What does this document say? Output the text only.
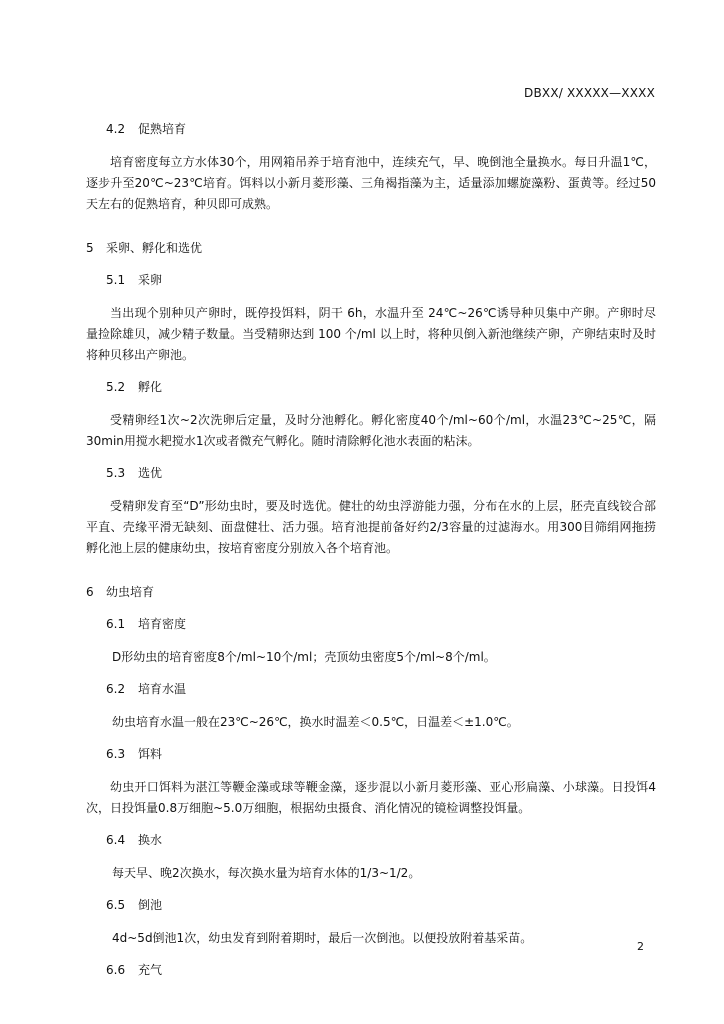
DBXX/ XXXXX—XXXX
4.2 促熟培育

培育密度每立方水体30个，用网箱吊养于培育池中，连续充气，早、晚倒池全量换水。每日升温1℃，逐步升至20℃~23℃培育。饵料以小新月菱形藻、三角褐指藻为主，适量添加螺旋藻粉、蛋黄等。经过50天左右的促熟培育，种贝即可成熟。

5 采卵、孵化和选优
5.1 采卵

当出现个别种贝产卵时，既停投饵料，阴干 6h，水温升至 24℃~26℃诱导种贝集中产卵。产卵时尽量捡除雄贝，减少精子数量。当受精卵达到 100 个/ml 以上时，将种贝倒入新池继续产卵，产卵结束时及时将种贝移出产卵池。

5.2 孵化

受精卵经1次~2次洗卵后定量，及时分池孵化。孵化密度40个/ml~60个/ml，水温23℃~25℃，隔30min用搅水耙搅水1次或者微充气孵化。随时清除孵化池水表面的粘沫。

5.3 选优

受精卵发育至“D”形幼虫时，要及时选优。健壮的幼虫浮游能力强，分布在水的上层，胚壳直线铰合部平直、壳缘平滑无缺刻、面盘健壮、活力强。培育池提前备好约2/3容量的过滤海水。用300目筛绢网拖捞孵化池上层的健康幼虫，按培育密度分别放入各个培育池。

6 幼虫培育
6.1 培育密度

D形幼虫的培育密度8个/ml~10个/ml；壳顶幼虫密度5个/ml~8个/ml。

6.2 培育水温

幼虫培育水温一般在23℃~26℃，换水时温差＜0.5℃，日温差＜±1.0℃。

6.3 饵料

幼虫开口饵料为湛江等鞭金藻或球等鞭金藻，逐步混以小新月菱形藻、亚心形扁藻、小球藻。日投饵4次，日投饵量0.8万细胞~5.0万细胞，根据幼虫摄食、消化情况的镜检调整投饵量。

6.4 换水

每天早、晚2次换水，每次换水量为培育水体的1/3~1/2。

6.5 倒池

4d~5d倒池1次，幼虫发育到附着期时，最后一次倒池。以便投放附着基采苗。

6.6 充气
2
